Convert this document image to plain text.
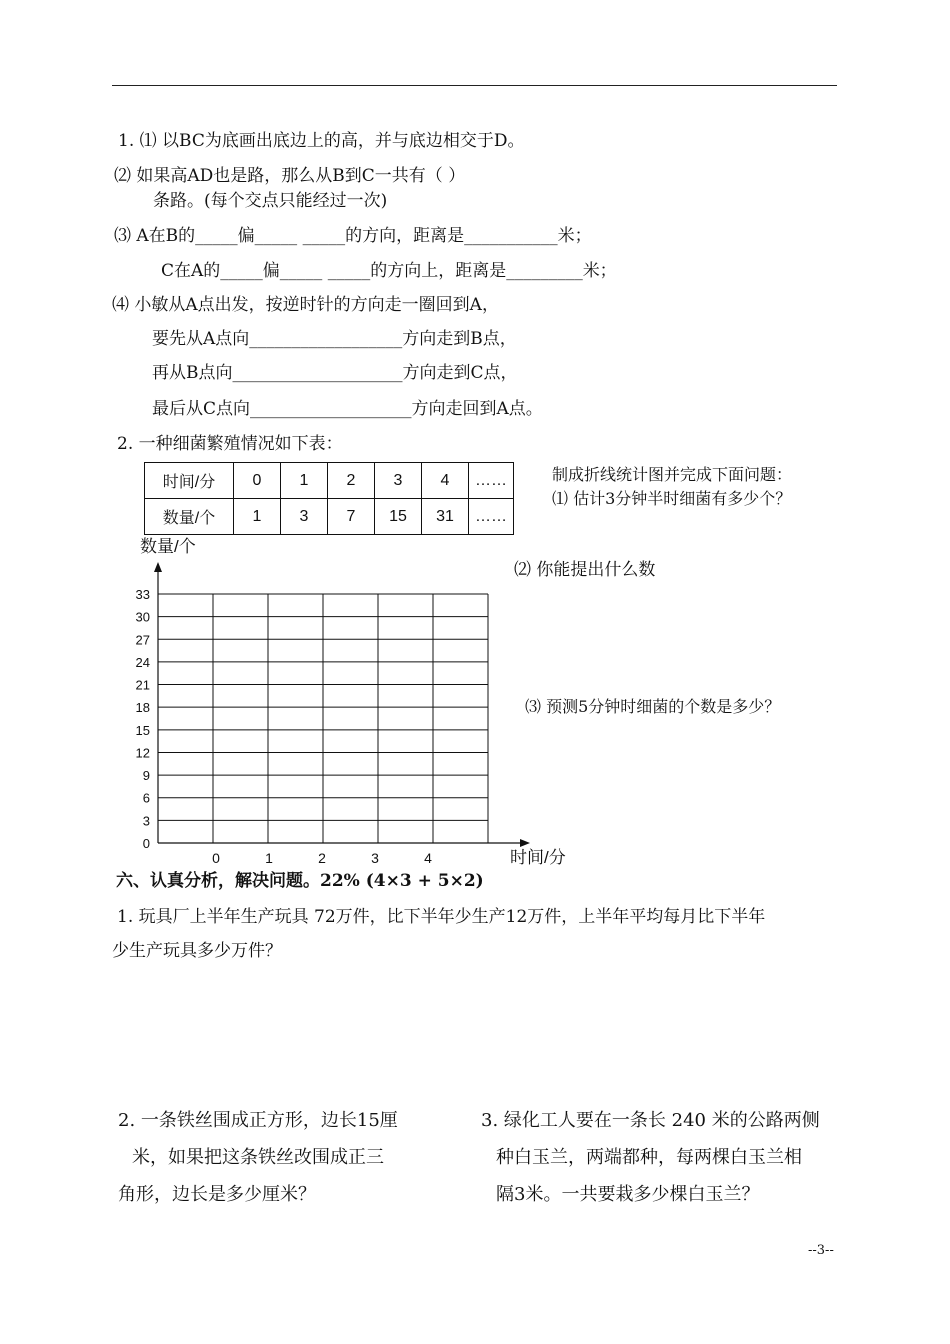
1. ⑴ 以BC为底画出底边上的高，并与底边相交于D。
⑵ 如果高AD也是路，那么从B到C一共有（ ）
条路。(每个交点只能经过一次)
⑶ A在B的_____偏_____ _____的方向，距离是___________米；
C在A的_____偏_____ _____的方向上，距离是_________米；
⑷ 小敏从A点出发，按逆时针的方向走一圈回到A，
要先从A点向__________________方向走到B点，
再从B点向____________________方向走到C点，
最后从C点向___________________方向走回到A点。
2. 一种细菌繁殖情况如下表：
时间/分	0	1	2	3	4	……
数量/个	1	3	7	15	31	……
制成折线统计图并完成下面问题：
⑴ 估计3分钟半时细菌有多少个？
⑵ 你能提出什么数
⑶ 预测5分钟时细菌的个数是多少？
0
3
6
9
12
15
18
21
24
27
30
33
0	1	2	3	4
数量/个
时间/分
六、认真分析，解决问题。22% (4×3 + 5×2)
1. 玩具厂上半年生产玩具 72万件，比下半年少生产12万件，上半年平均每月比下半年
少生产玩具多少万件？
2. 一条铁丝围成正方形，边长15厘
米，如果把这条铁丝改围成正三
角形，边长是多少厘米？
3. 绿化工人要在一条长 240 米的公路两侧
种白玉兰，两端都种，每两棵白玉兰相
隔3米。一共要栽多少棵白玉兰？
--3--
